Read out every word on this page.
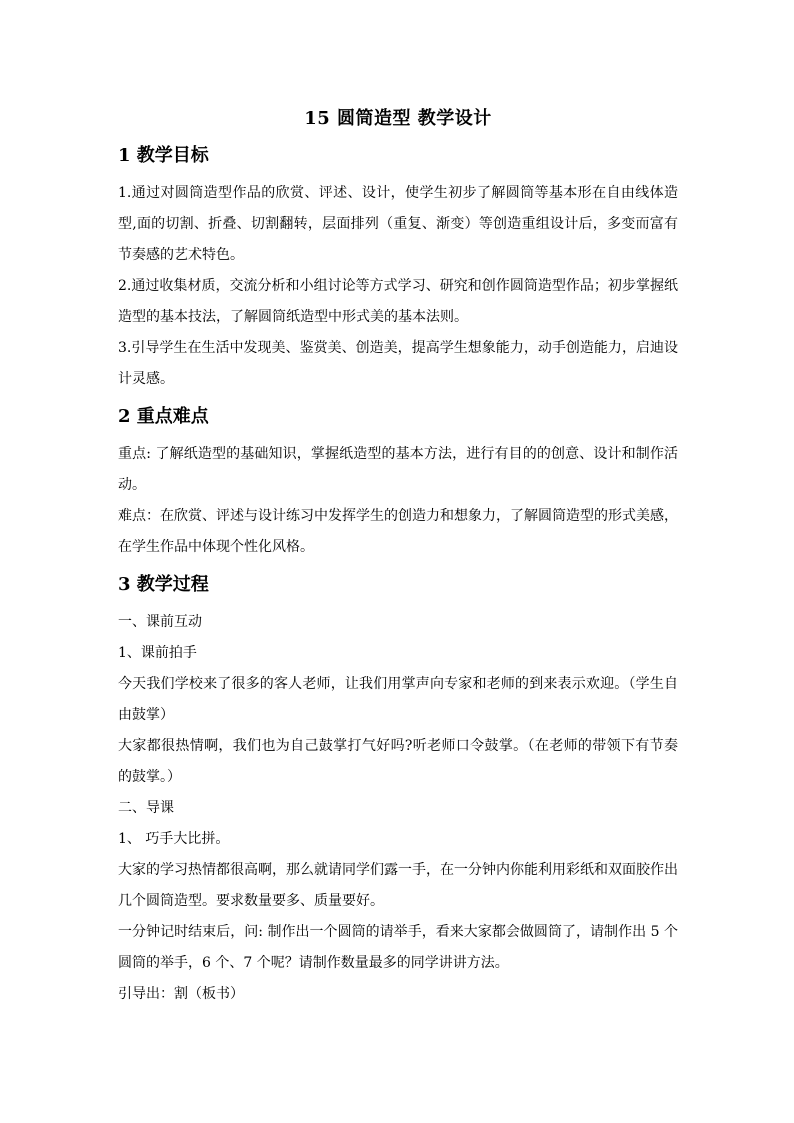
15 圆筒造型 教学设计
1 教学目标

1.通过对圆筒造型作品的欣赏、评述、设计，使学生初步了解圆筒等基本形在自由线体造型,面的切割、折叠、切割翻转，层面排列（重复、渐变）等创造重组设计后，多变而富有节奏感的艺术特色。

2.通过收集材质，交流分析和小组讨论等方式学习、研究和创作圆筒造型作品；初步掌握纸造型的基本技法，了解圆筒纸造型中形式美的基本法则。

3.引导学生在生活中发现美、鉴赏美、创造美，提高学生想象能力，动手创造能力，启迪设计灵感。

2 重点难点

重点: 了解纸造型的基础知识，掌握纸造型的基本方法，进行有目的的创意、设计和制作活动。

难点：在欣赏、评述与设计练习中发挥学生的创造力和想象力，了解圆筒造型的形式美感，在学生作品中体现个性化风格。

3 教学过程

一、课前互动

1、课前拍手

今天我们学校来了很多的客人老师，让我们用掌声向专家和老师的到来表示欢迎。（学生自由鼓掌）

大家都很热情啊，我们也为自己鼓掌打气好吗?听老师口令鼓掌。（在老师的带领下有节奏的鼓掌。）

二、导课

1、 巧手大比拼。

大家的学习热情都很高啊，那么就请同学们露一手，在一分钟内你能利用彩纸和双面胶作出几个圆筒造型。要求数量要多、质量要好。

一分钟记时结束后，问: 制作出一个圆筒的请举手，看来大家都会做圆筒了，请制作出 5 个圆筒的举手，6 个、7 个呢？请制作数量最多的同学讲讲方法。

引导出：割（板书）
